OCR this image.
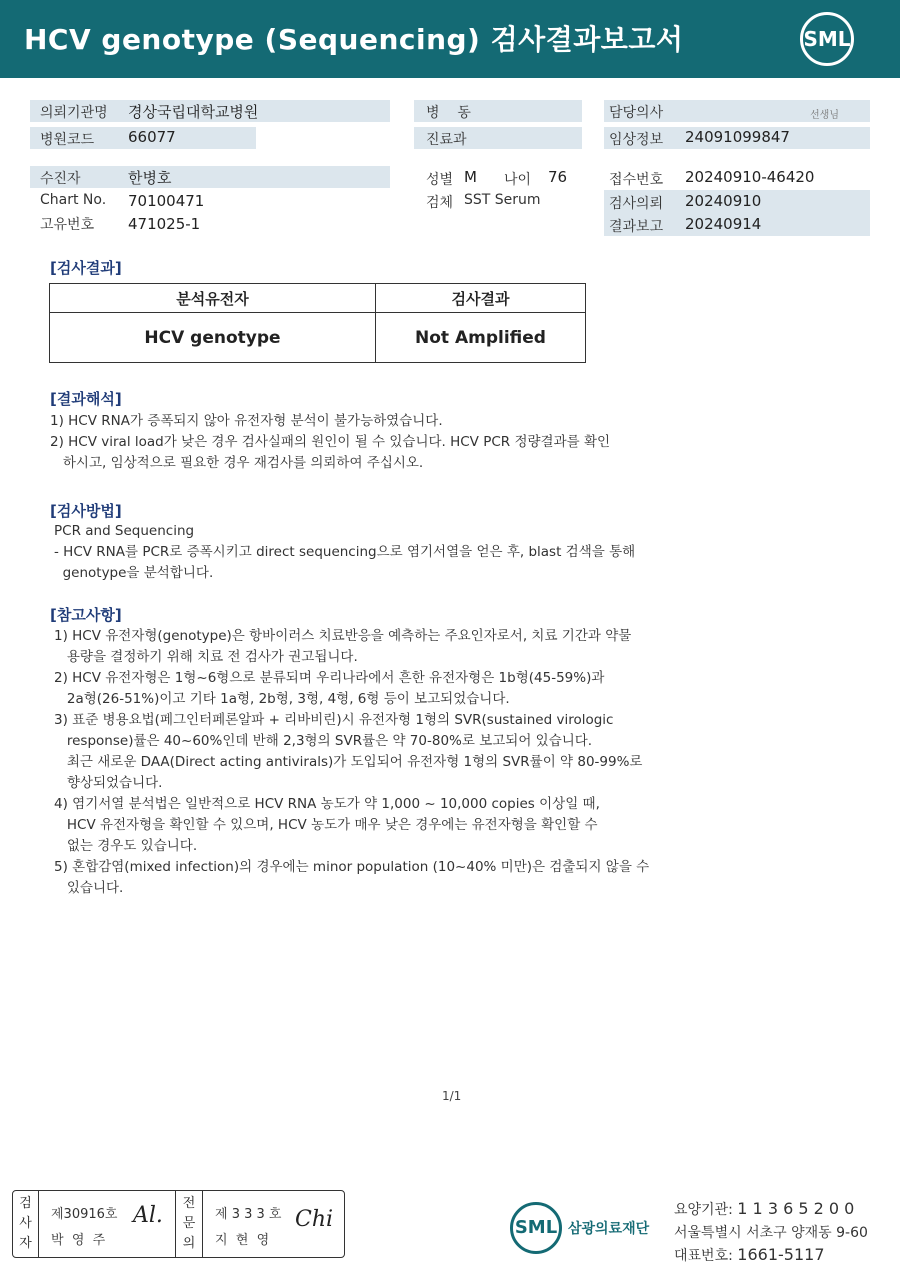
HCV genotype (Sequencing) 검사결과보고서	SML
의뢰기관명 경상국립대학교병원	병    동	담당의사	선생님
병원코드 66077	진료과	임상정보 24091099847
수진자	한병호	성별 M 나이 76	접수번호 20240910-46420
Chart No. 70100471	검체 SST Serum	검사의뢰 20240910
고유번호 471025-1	결과보고 20240914
[검사결과]
분석유전자	검사결과
HCV genotype	Not Amplified
[결과해석]
1) HCV RNA가 증폭되지 않아 유전자형 분석이 불가능하였습니다.
2) HCV viral load가 낮은 경우 검사실패의 원인이 될 수 있습니다. HCV PCR 정량결과를 확인
하시고, 임상적으로 필요한 경우 재검사를 의뢰하여 주십시오.
[검사방법]
PCR and Sequencing
- HCV RNA를 PCR로 증폭시키고 direct sequencing으로 염기서열을 얻은 후, blast 검색을 통해
genotype을 분석합니다.
[참고사항]
1) HCV 유전자형(genotype)은 항바이러스 치료반응을 예측하는 주요인자로서, 치료 기간과 약물
용량을 결정하기 위해 치료 전 검사가 권고됩니다.
2) HCV 유전자형은 1형~6형으로 분류되며 우리나라에서 흔한 유전자형은 1b형(45-59%)과
2a형(26-51%)이고 기타 1a형, 2b형, 3형, 4형, 6형 등이 보고되었습니다.
3) 표준 병용요법(페그인터페론알파 + 리바비린)시 유전자형 1형의 SVR(sustained virologic
response)률은 40~60%인데 반해 2,3형의 SVR률은 약 70-80%로 보고되어 있습니다.
최근 새로운 DAA(Direct acting antivirals)가 도입되어 유전자형 1형의 SVR률이 약 80-99%로
향상되었습니다.
4) 염기서열 분석법은 일반적으로 HCV RNA 농도가 약 1,000 ~ 10,000 copies 이상일 때,
HCV 유전자형을 확인할 수 있으며, HCV 농도가 매우 낮은 경우에는 유전자형을 확인할 수
없는 경우도 있습니다.
5) 혼합감염(mixed infection)의 경우에는 minor population (10~40% 미만)은 검출되지 않을 수
있습니다.
1/1
검사자
제30916호
박  영  주
Al. 전문의
제 3 3 3 호
지  현  영
Chi	SML 삼광의료재단
요양기관: 1 1 3 6 5 2 0 0
서울특별시 서초구 양재동 9-60
대표번호: 1661-5117
